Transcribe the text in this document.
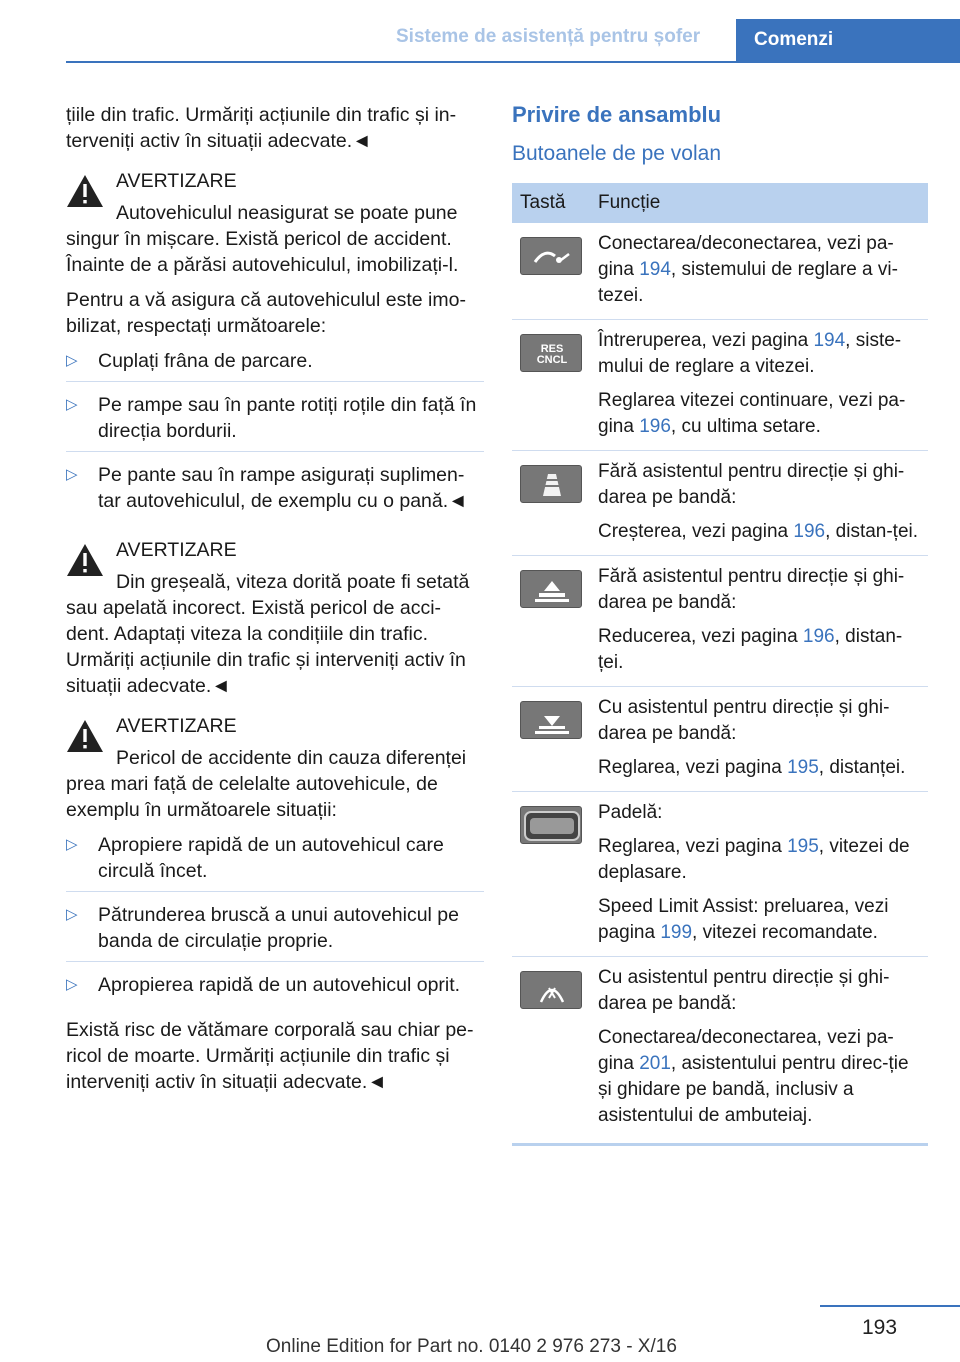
Sisteme de asistență pentru șofer	Comenzi

țiile din trafic. Urmăriți acțiunile din trafic și in-terveniți activ în situații adecvate.◄

AVERTIZARE
Autovehiculul neasigurat se poate pune singur în mișcare. Există pericol de accident. Înainte de a părăsi autovehiculul, imobilizați-l.

Pentru a vă asigura că autovehiculul este imo-bilizat, respectați următoarele:

▷ Cuplați frâna de parcare.
▷ Pe rampe sau în pante rotiți roțile din față în direcția bordurii.
▷ Pe pante sau în rampe asigurați suplimen-tar autovehiculul, de exemplu cu o pană.◄
AVERTIZARE
Din greșeală, viteza dorită poate fi setată sau apelată incorect. Există pericol de acci-dent. Adaptați viteza la condițiile din trafic. Urmăriți acțiunile din trafic și interveniți activ în situații adecvate.◄
AVERTIZARE
Pericol de accidente din cauza diferenței prea mari față de celelalte autovehicule, de exemplu în următoarele situații:
▷ Apropiere rapidă de un autovehicul care circulă încet.
▷ Pătrunderea bruscă a unui autovehicul pe banda de circulație proprie.
▷ Apropierea rapidă de un autovehicul oprit.

Există risc de vătămare corporală sau chiar pe-ricol de moarte. Urmăriți acțiunile din trafic și interveniți activ în situații adecvate.◄

Privire de ansamblu
Butoanele de pe volan
Tastă	Funcție

Conectarea/deconectarea, vezi pa-gina 194, sistemului de reglare a vi-tezei.

RES
CNCL	Întreruperea, vezi pagina 194, siste-mului de reglare a vitezei.
Reglarea vitezei continuare, vezi pa-gina 196, cu ultima setare.

Fără asistentul pentru direcție și ghi-darea pe bandă:
Creșterea, vezi pagina 196, distan-ței.

Fără asistentul pentru direcție și ghi-darea pe bandă:
Reducerea, vezi pagina 196, distan-ței.

Cu asistentul pentru direcție și ghi-darea pe bandă:
Reglarea, vezi pagina 195, distanței.

Padelă:
Reglarea, vezi pagina 195, vitezei de deplasare.
Speed Limit Assist: preluarea, vezi pagina 199, vitezei recomandate.

Cu asistentul pentru direcție și ghi-darea pe bandă:
Conectarea/deconectarea, vezi pa-gina 201, asistentului pentru direc-ție și ghidare pe bandă, inclusiv a asistentului de ambuteiaj.
193
Online Edition for Part no. 0140 2 976 273 - X/16
